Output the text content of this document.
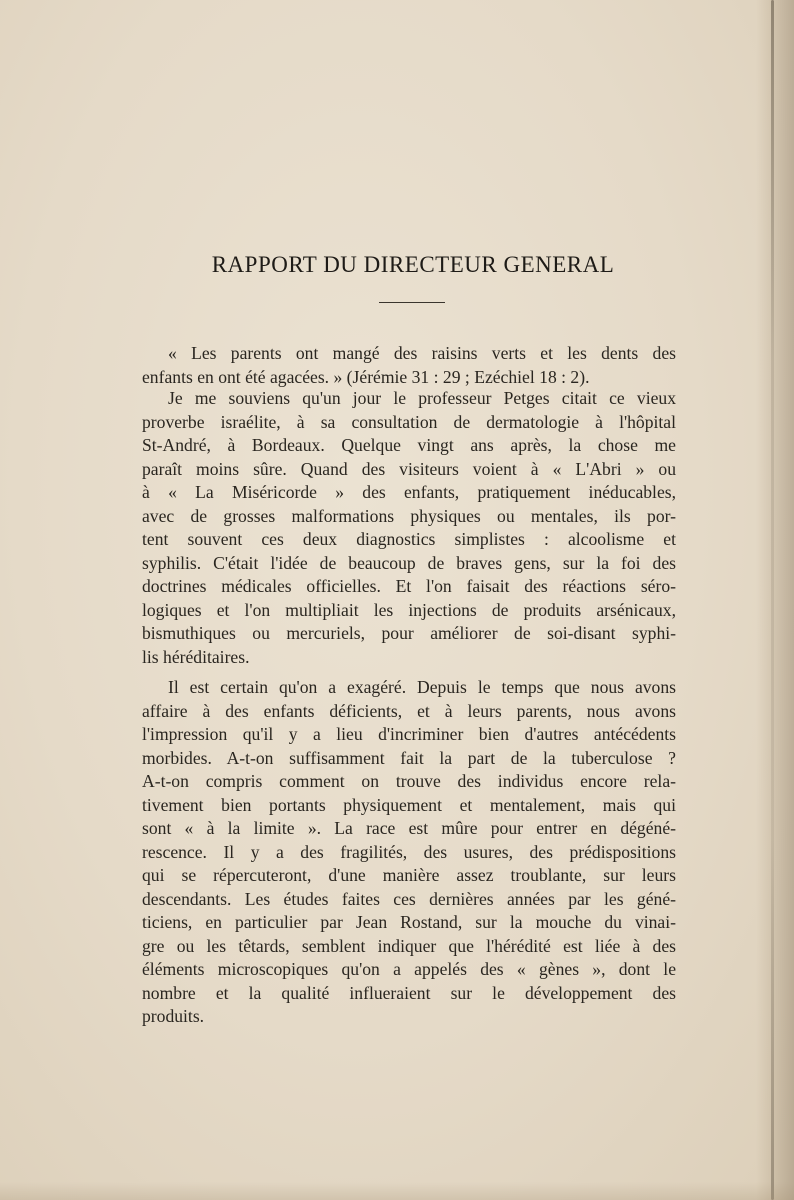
RAPPORT DU DIRECTEUR GENERAL
« Les parents ont mangé des raisins verts et les dents des
enfants en ont été agacées. » (Jérémie 31 : 29 ; Ezéchiel 18 : 2).
Je me souviens qu'un jour le professeur Petges citait ce vieux
proverbe israélite, à sa consultation de dermatologie à l'hôpital
St-André, à Bordeaux. Quelque vingt ans après, la chose me
paraît moins sûre. Quand des visiteurs voient à « L'Abri » ou
à « La Miséricorde » des enfants, pratiquement inéducables,
avec de grosses malformations physiques ou mentales, ils por-
tent souvent ces deux diagnostics simplistes : alcoolisme et
syphilis. C'était l'idée de beaucoup de braves gens, sur la foi des
doctrines médicales officielles. Et l'on faisait des réactions séro-
logiques et l'on multipliait les injections de produits arsénicaux,
bismuthiques ou mercuriels, pour améliorer de soi-disant syphi-
lis héréditaires.
Il est certain qu'on a exagéré. Depuis le temps que nous avons
affaire à des enfants déficients, et à leurs parents, nous avons
l'impression qu'il y a lieu d'incriminer bien d'autres antécédents
morbides. A-t-on suffisamment fait la part de la tuberculose ?
A-t-on compris comment on trouve des individus encore rela-
tivement bien portants physiquement et mentalement, mais qui
sont « à la limite ». La race est mûre pour entrer en dégéné-
rescence. Il y a des fragilités, des usures, des prédispositions
qui se répercuteront, d'une manière assez troublante, sur leurs
descendants. Les études faites ces dernières années par les géné-
ticiens, en particulier par Jean Rostand, sur la mouche du vinai-
gre ou les têtards, semblent indiquer que l'hérédité est liée à des
éléments microscopiques qu'on a appelés des « gènes », dont le
nombre et la qualité influeraient sur le développement des
produits.
